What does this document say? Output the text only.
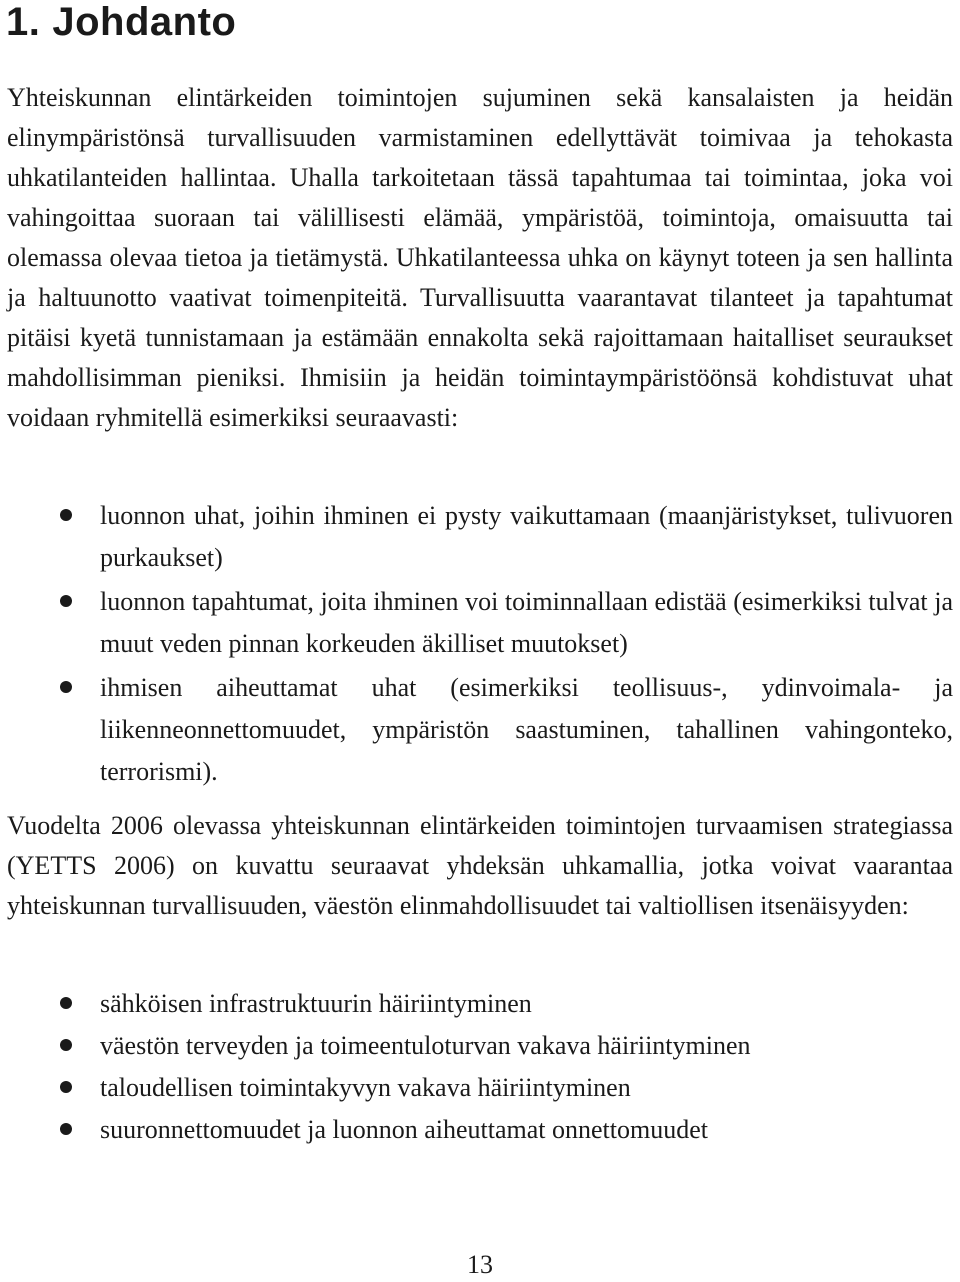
1. Johdanto

Yhteiskunnan elintärkeiden toimintojen sujuminen sekä kansalaisten ja heidän elinympäristönsä turvallisuuden varmistaminen edellyttävät toimivaa ja tehokasta uhkatilanteiden hallintaa. Uhalla tarkoitetaan tässä tapahtumaa tai toimintaa, joka voi vahingoittaa suoraan tai välillisesti elämää, ympäristöä, toimintoja, omaisuutta tai olemassa olevaa tietoa ja tietämystä. Uhkatilanteessa uhka on käynyt toteen ja sen hallinta ja haltuunotto vaativat toimenpiteitä. Turvallisuutta vaarantavat tilanteet ja tapahtumat pitäisi kyetä tunnistamaan ja estämään ennakolta sekä rajoittamaan haitalliset seuraukset mahdollisimman pieniksi. Ihmisiin ja heidän toimintaympäristöönsä kohdistuvat uhat voidaan ryhmitellä esimerkiksi seuraavasti:

luonnon uhat, joihin ihminen ei pysty vaikuttamaan (maanjäristykset, tulivuoren purkaukset)
luonnon tapahtumat, joita ihminen voi toiminnallaan edistää (esimerkiksi tulvat ja muut veden pinnan korkeuden äkilliset muutokset)
ihmisen aiheuttamat uhat (esimerkiksi teollisuus-, ydinvoimala- ja liikenneonnettomuudet, ympäristön saastuminen, tahallinen vahingonteko, terrorismi).

Vuodelta 2006 olevassa yhteiskunnan elintärkeiden toimintojen turvaamisen strategiassa (YETTS 2006) on kuvattu seuraavat yhdeksän uhkamallia, jotka voivat vaarantaa yhteiskunnan turvallisuuden, väestön elinmahdollisuudet tai valtiollisen itsenäisyyden:

sähköisen infrastruktuurin häiriintyminen
väestön terveyden ja toimeentuloturvan vakava häiriintyminen
taloudellisen toimintakyvyn vakava häiriintyminen
suuronnettomuudet ja luonnon aiheuttamat onnettomuudet
13
